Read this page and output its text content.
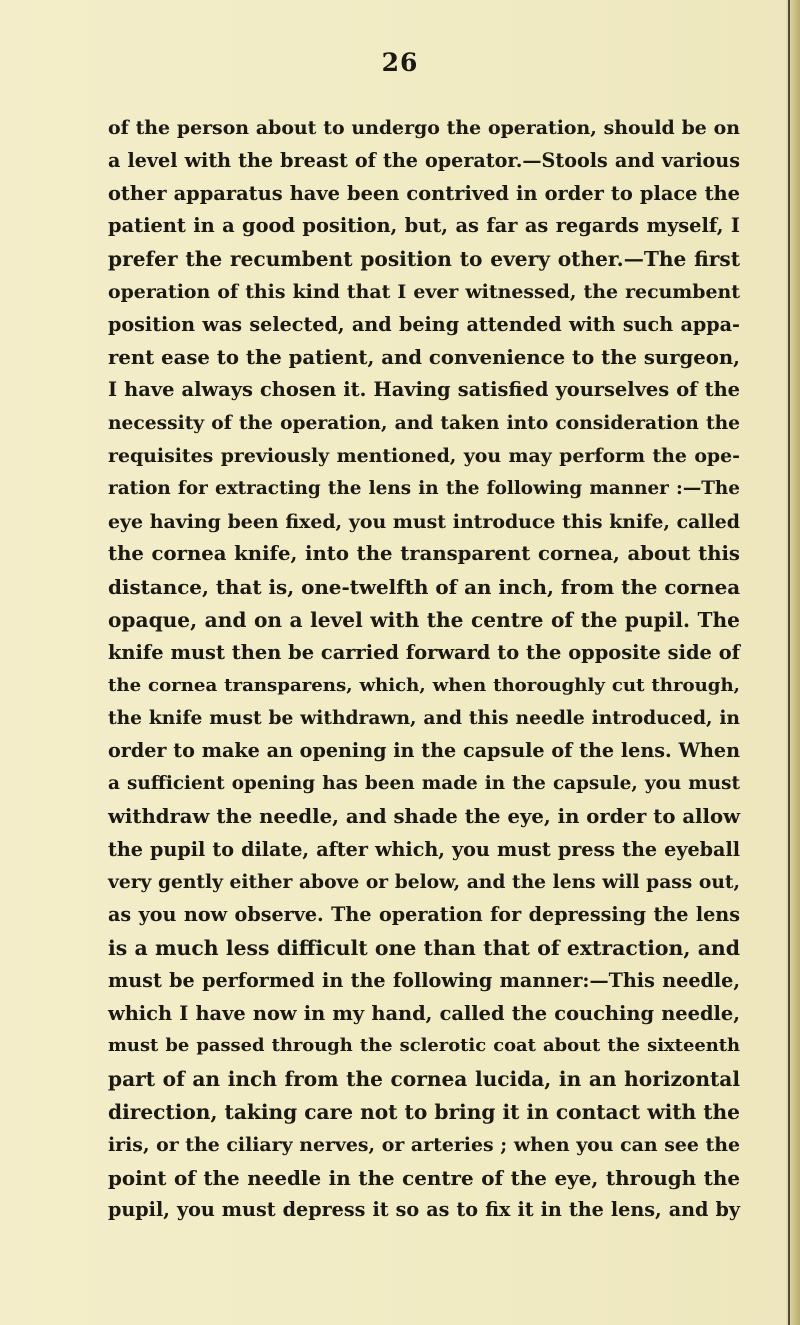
26

of the person about to undergo the operation, should be on
a level with the breast of the operator.—Stools and various
other apparatus have been contrived in order to place the
patient in a good position, but, as far as regards myself, I
prefer the recumbent position to every other.—The first
operation of this kind that I ever witnessed, the recumbent
position was selected, and being attended with such appa-
rent ease to the patient, and convenience to the surgeon,
I have always chosen it. Having satisfied yourselves of the
necessity of the operation, and taken into consideration the
requisites previously mentioned, you may perform the ope-
ration for extracting the lens in the following manner :—The
eye having been fixed, you must introduce this knife, called
the cornea knife, into the transparent cornea, about this
distance, that is, one-twelfth of an inch, from the cornea
opaque, and on a level with the centre of the pupil. The
knife must then be carried forward to the opposite side of
the cornea transparens, which, when thoroughly cut through,
the knife must be withdrawn, and this needle introduced, in
order to make an opening in the capsule of the lens. When
a sufficient opening has been made in the capsule, you must
withdraw the needle, and shade the eye, in order to allow
the pupil to dilate, after which, you must press the eyeball
very gently either above or below, and the lens will pass out,
as you now observe. The operation for depressing the lens
is a much less difficult one than that of extraction, and
must be performed in the following manner:—This needle,
which I have now in my hand, called the couching needle,
must be passed through the sclerotic coat about the sixteenth
part of an inch from the cornea lucida, in an horizontal
direction, taking care not to bring it in contact with the
iris, or the ciliary nerves, or arteries ; when you can see the
point of the needle in the centre of the eye, through the
pupil, you must depress it so as to fix it in the lens, and by
